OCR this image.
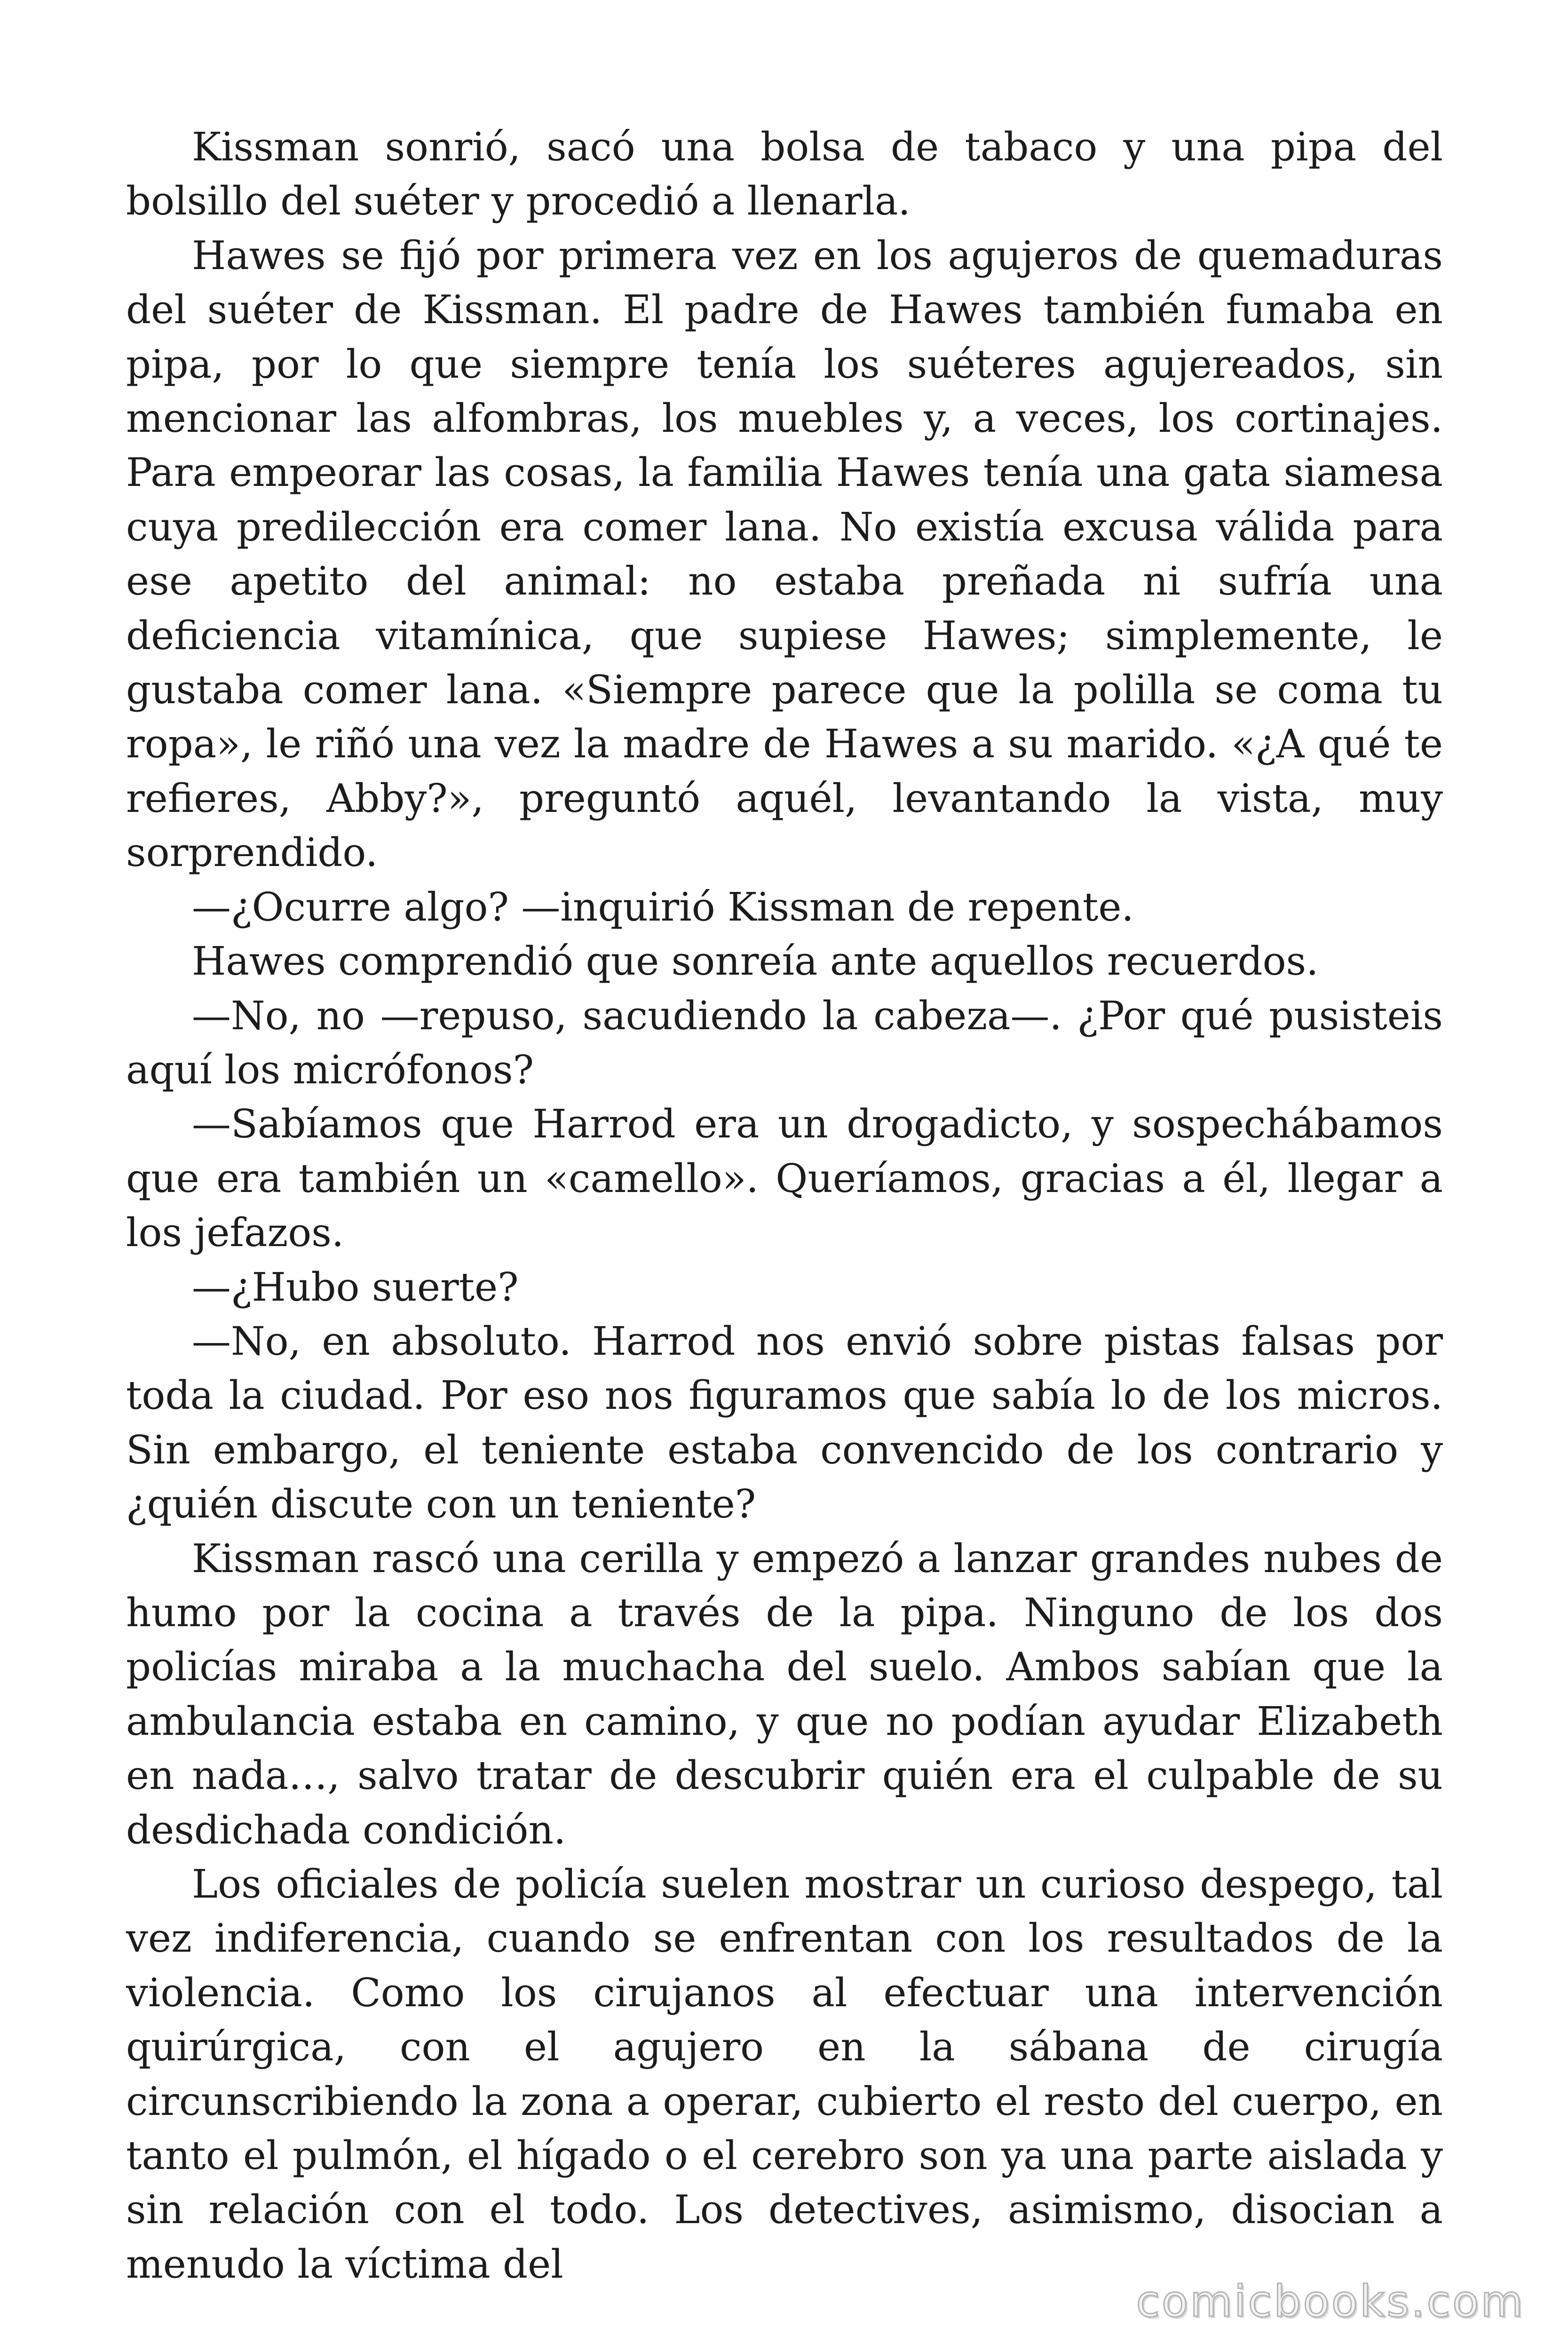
Kissman sonrió, sacó una bolsa de tabaco y una pipa del bolsillo del suéter y procedió a llenarla.

Hawes se fijó por primera vez en los agujeros de quemaduras del suéter de Kissman. El padre de Hawes también fumaba en pipa, por lo que siempre tenía los suéteres agujereados, sin mencionar las alfombras, los muebles y, a veces, los cortinajes. Para empeorar las cosas, la familia Hawes tenía una gata siamesa cuya predilección era comer lana. No existía excusa válida para ese apetito del animal: no estaba preñada ni sufría una deficiencia vitamínica, que supiese Hawes; simplemente, le gustaba comer lana. «Siempre parece que la polilla se coma tu ropa», le riñó una vez la madre de Hawes a su marido. «¿A qué te refieres, Abby?», preguntó aquél, levantando la vista, muy sorprendido.

—¿Ocurre algo? —inquirió Kissman de repente.

Hawes comprendió que sonreía ante aquellos recuerdos.

—No, no —repuso, sacudiendo la cabeza—. ¿Por qué pusisteis aquí los micrófonos?

—Sabíamos que Harrod era un drogadicto, y sospechábamos que era también un «camello». Queríamos, gracias a él, llegar a los jefazos.

—¿Hubo suerte?

—No, en absoluto. Harrod nos envió sobre pistas falsas por toda la ciudad. Por eso nos figuramos que sabía lo de los micros. Sin embargo, el teniente estaba convencido de los contrario y ¿quién discute con un teniente?

Kissman rascó una cerilla y empezó a lanzar grandes nubes de humo por la cocina a través de la pipa. Ninguno de los dos policías miraba a la muchacha del suelo. Ambos sabían que la ambulancia estaba en camino, y que no podían ayudar Elizabeth en nada…, salvo tratar de descubrir quién era el culpable de su desdichada condición.

Los oficiales de policía suelen mostrar un curioso despego, tal vez indiferencia, cuando se enfrentan con los resultados de la violencia. Como los cirujanos al efectuar una intervención quirúrgica, con el agujero en la sábana de cirugía circunscribiendo la zona a operar, cubierto el resto del cuerpo, en tanto el pulmón, el hígado o el cerebro son ya una parte aislada y sin relación con el todo. Los detectives, asimismo, disocian a menudo la víctima del

comicbooks.com
